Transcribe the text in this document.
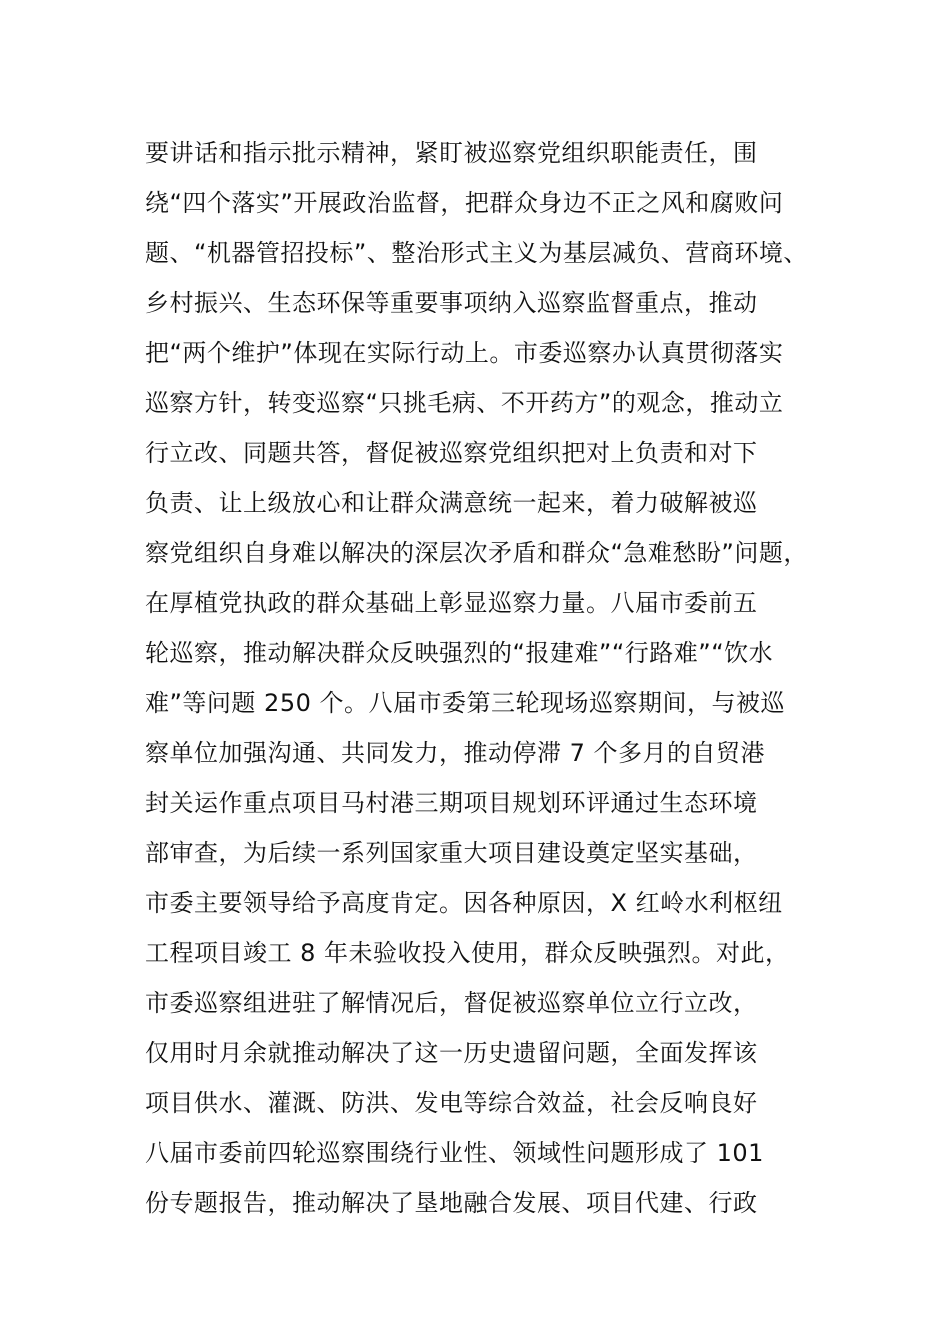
要讲话和指示批示精神，紧盯被巡察党组织职能责任，围
绕“四个落实”开展政治监督，把群众身边不正之风和腐败问
题、“机器管招投标”、整治形式主义为基层减负、营商环境、
乡村振兴、生态环保等重要事项纳入巡察监督重点，推动
把“两个维护”体现在实际行动上。市委巡察办认真贯彻落实
巡察方针，转变巡察“只挑毛病、不开药方”的观念，推动立
行立改、同题共答，督促被巡察党组织把对上负责和对下
负责、让上级放心和让群众满意统一起来，着力破解被巡
察党组织自身难以解决的深层次矛盾和群众“急难愁盼”问题，
在厚植党执政的群众基础上彰显巡察力量。八届市委前五
轮巡察，推动解决群众反映强烈的“报建难”“行路难”“饮水
难”等问题 250 个。八届市委第三轮现场巡察期间，与被巡
察单位加强沟通、共同发力，推动停滞 7 个多月的自贸港
封关运作重点项目马村港三期项目规划环评通过生态环境
部审查，为后续一系列国家重大项目建设奠定坚实基础，
市委主要领导给予高度肯定。因各种原因，X 红岭水利枢纽
工程项目竣工 8 年未验收投入使用，群众反映强烈。对此，
市委巡察组进驻了解情况后，督促被巡察单位立行立改，
仅用时月余就推动解决了这一历史遗留问题，全面发挥该
项目供水、灌溉、防洪、发电等综合效益，社会反响良好
八届市委前四轮巡察围绕行业性、领域性问题形成了 101
份专题报告，推动解决了垦地融合发展、项目代建、行政
